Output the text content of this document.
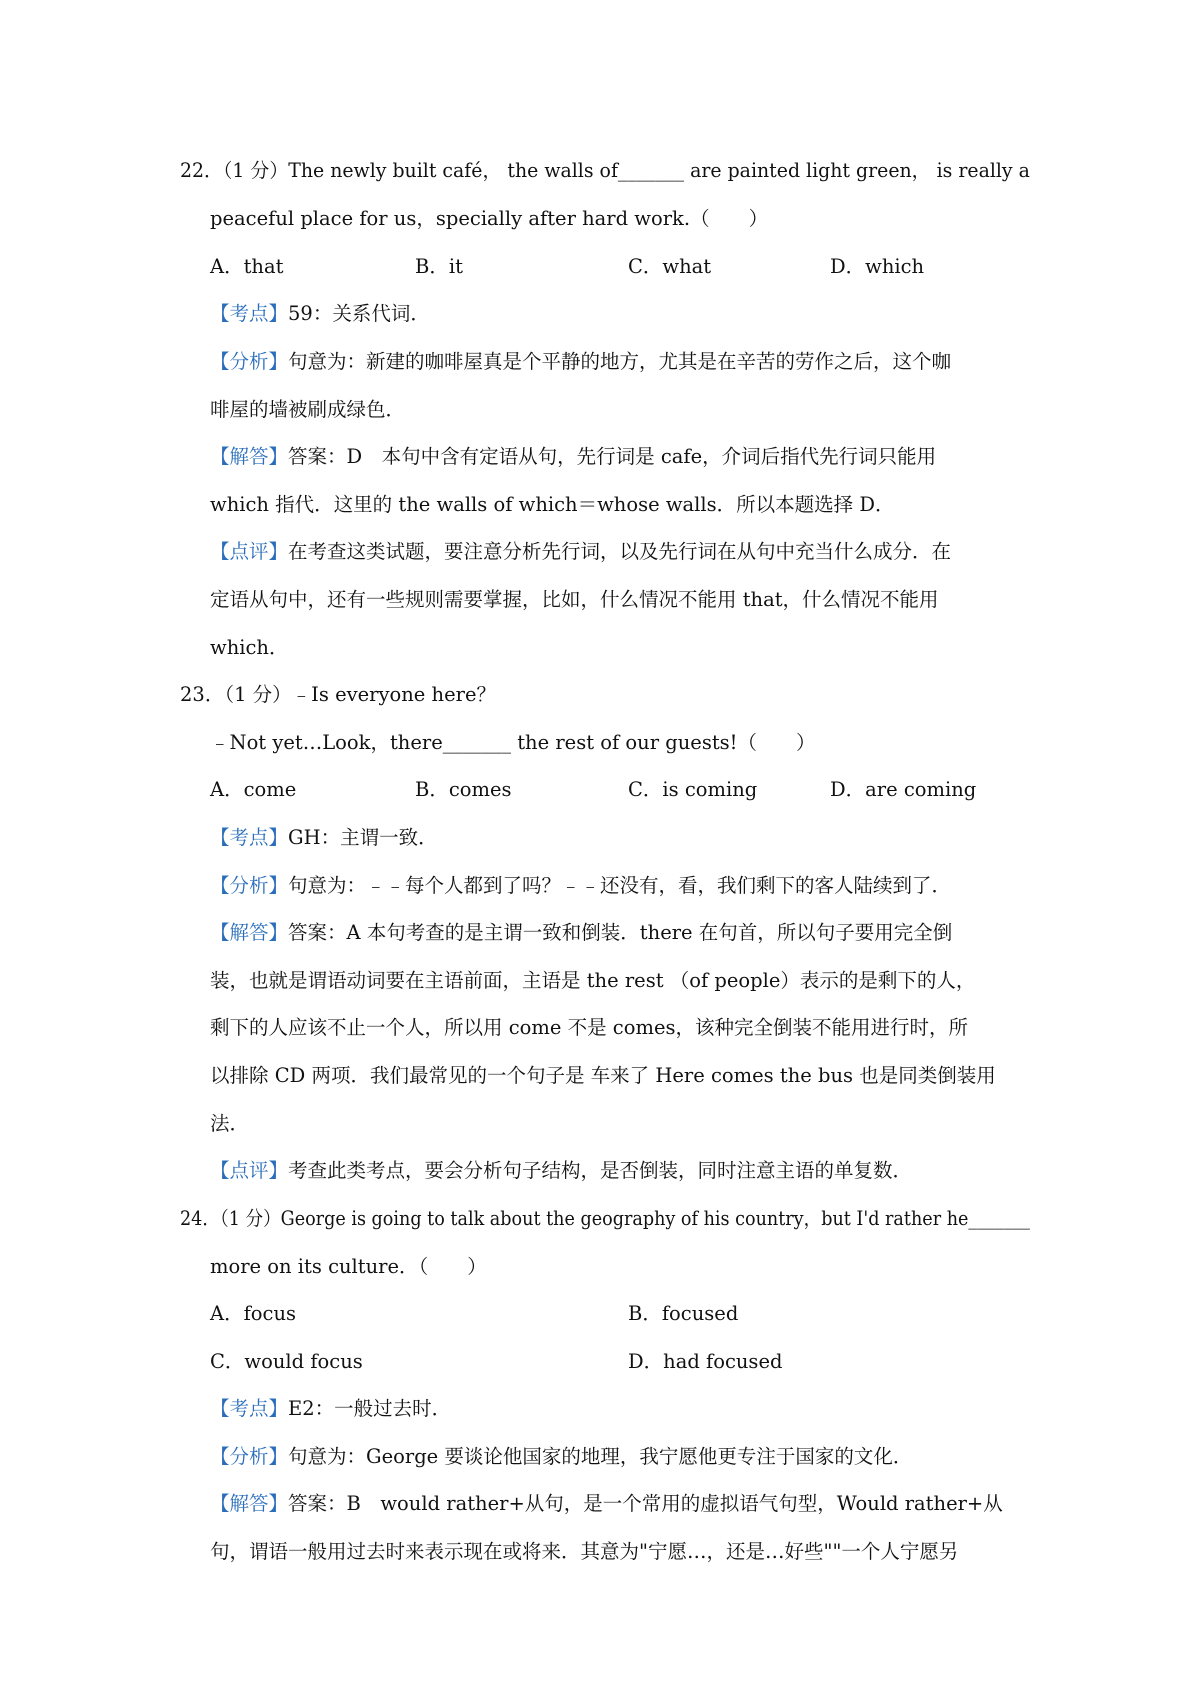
22．（1 分）The newly built café， the walls of_______ are painted light green， is really a
peaceful place for us，specially after hard work.（　　）
A．that	B．it	C．what	D．which
【考点】59：关系代词．
【分析】句意为：新建的咖啡屋真是个平静的地方，尤其是在辛苦的劳作之后，这个咖
啡屋的墙被刷成绿色．
【解答】答案：D　本句中含有定语从句，先行词是 cafe，介词后指代先行词只能用
which 指代．这里的 the walls of which＝whose walls．所以本题选择 D．
【点评】在考查这类试题，要注意分析先行词，以及先行词在从句中充当什么成分．在
定语从句中，还有一些规则需要掌握，比如，什么情况不能用 that，什么情况不能用
which．
23．（1 分）﹣Is everyone here？
﹣Not yet…Look，there_______ the rest of our guests!（　　）
A．come	B．comes	C．is coming	D．are coming
【考点】GH：主谓一致．
【分析】句意为：﹣﹣每个人都到了吗？﹣﹣还没有，看，我们剩下的客人陆续到了．
【解答】答案：A 本句考查的是主谓一致和倒装．there 在句首，所以句子要用完全倒
装，也就是谓语动词要在主语前面，主语是 the rest （of people）表示的是剩下的人，
剩下的人应该不止一个人，所以用 come 不是 comes，该种完全倒装不能用进行时，所
以排除 CD 两项．我们最常见的一个句子是 车来了 Here comes the bus 也是同类倒装用
法．
【点评】考查此类考点，要会分析句子结构，是否倒装，同时注意主语的单复数．
24．（1 分）George is going to talk about the geography of his country，but I'd rather he_______
more on its culture．（　　）
A．focus	B．focused
C．would focus	D．had focused
【考点】E2：一般过去时．
【分析】句意为：George 要谈论他国家的地理，我宁愿他更专注于国家的文化．
【解答】答案：B　would rather+从句，是一个常用的虚拟语气句型，Would rather+从
句，谓语一般用过去时来表示现在或将来．其意为"宁愿…，还是…好些""一个人宁愿另
